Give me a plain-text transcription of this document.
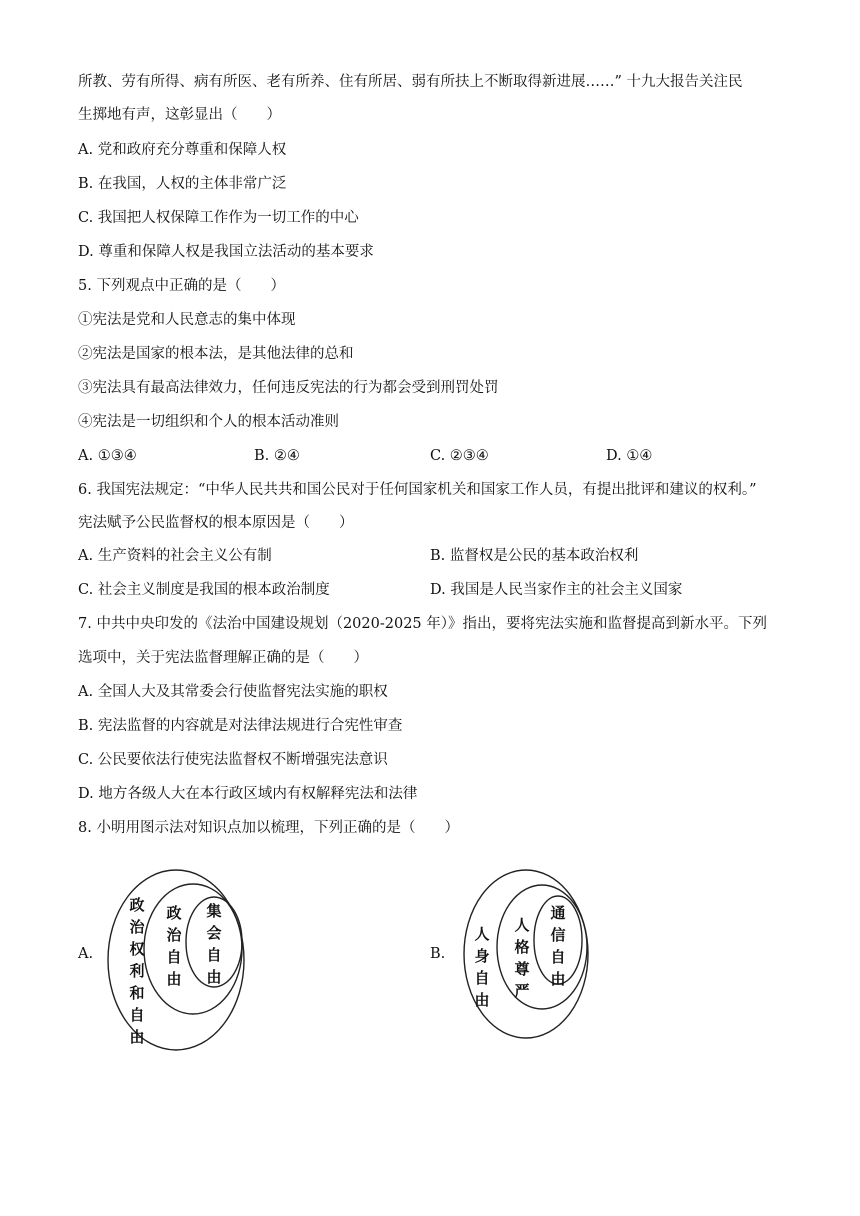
所教、劳有所得、病有所医、老有所养、住有所居、弱有所扶上不断取得新进展……” 十九大报告关注民
生掷地有声，这彰显出（　　）
A. 党和政府充分尊重和保障人权
B. 在我国，人权的主体非常广泛
C. 我国把人权保障工作作为一切工作的中心
D. 尊重和保障人权是我国立法活动的基本要求
5. 下列观点中正确的是（　　）
①宪法是党和人民意志的集中体现
②宪法是国家的根本法，是其他法律的总和
③宪法具有最高法律效力，任何违反宪法的行为都会受到刑罚处罚
④宪法是一切组织和个人的根本活动准则
A. ①③④	B. ②④	C. ②③④	D. ①④
6. 我国宪法规定：“中华人民共共和国公民对于任何国家机关和国家工作人员，有提出批评和建议的权利。”
宪法赋予公民监督权的根本原因是（　　）
A. 生产资料的社会主义公有制	B. 监督权是公民的基本政治权利
C. 社会主义制度是我国的根本政治制度	D. 我国是人民当家作主的社会主义国家
7. 中共中央印发的《法治中国建设规划（2020-2025 年）》指出，要将宪法实施和监督提高到新水平。下列
选项中，关于宪法监督理解正确的是（　　）
A. 全国人大及其常委会行使监督宪法实施的职权
B. 宪法监督的内容就是对法律法规进行合宪性审查
C. 公民要依法行使宪法监督权不断增强宪法意识
D. 地方各级人大在本行政区域内有权解释宪法和法律
8. 小明用图示法对知识点加以梳理，下列正确的是（　　）
A.
政
治
权
利
和
自
由
政
治
自
由
集
会
自
由
B.
人
身
自
由
人
格
尊
严
通
信
自
由
